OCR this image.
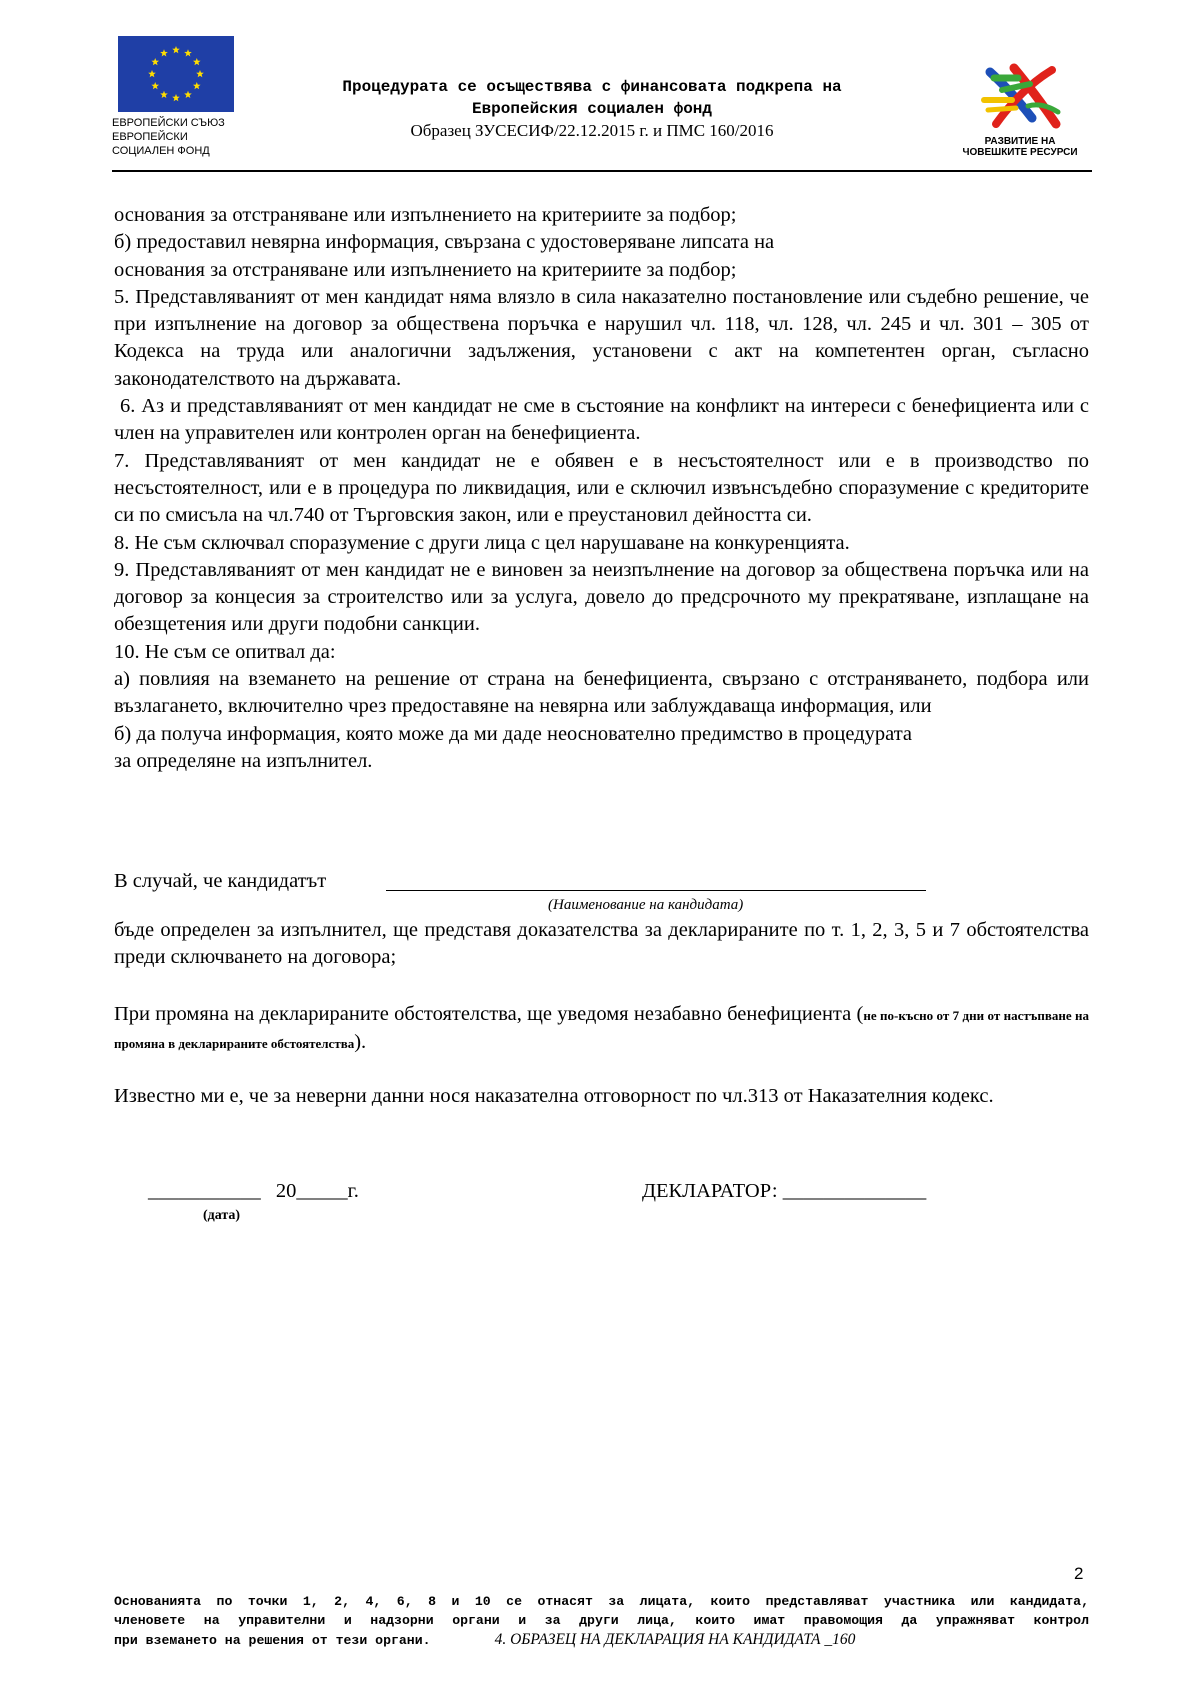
ЕВРОПЕЙСКИ СЪЮЗ
ЕВРОПЕЙСКИ
СОЦИАЛЕН ФОНД
Процедурата се осъществява с финансовата подкрепа на
Европейския социален фонд
Образец ЗУСЕСИФ/22.12.2015 г. и ПМС 160/2016
РАЗВИТИЕ НА
ЧОВЕШКИТЕ РЕСУРСИ

основания за отстраняване или изпълнението на критериите за подбор;

б) предоставил невярна информация, свързана с удостоверяване липсата на

основания за отстраняване или изпълнението на критериите за подбор;

5. Представляваният от мен кандидат няма влязло в сила наказателно постановление или съдебно решение, че при изпълнение на договор за обществена поръчка е нарушил чл. 118, чл. 128, чл. 245 и чл. 301 – 305 от Кодекса на труда или аналогични задължения, установени с акт на компетентен орган, съгласно законодателството на държавата.

6. Аз и представляваният от мен кандидат не сме в състояние на конфликт на интереси с бенефициента или с член на управителен или контролен орган на бенефициента.

7. Представляваният от мен кандидат не е обявен е в несъстоятелност или е в производство по несъстоятелност, или е в процедура по ликвидация, или е сключил извънсъдебно споразумение с кредиторите си по смисъла на чл.740 от Търговския закон, или е преустановил дейността си.

8. Не съм сключвал споразумение с други лица с цел нарушаване на конкуренцията.

9. Представляваният от мен кандидат не е виновен за неизпълнение на договор за обществена поръчка или на договор за концесия за строителство или за услуга, довело до предсрочното му прекратяване, изплащане на обезщетения или други подобни санкции.

10. Не съм се опитвал да:

а) повлияя на вземането на решение от страна на бенефициента, свързано с отстраняването, подбора или възлагането, включително чрез предоставяне на невярна или заблуждаваща информация, или

б) да получа информация, която може да ми даде неоснователно предимство в процедурата

за определяне на изпълнител.

В случай, че кандидатът
(Наименование на кандидата)
бъде определен за изпълнител, ще представя доказателства за декларираните по т. 1, 2, 3, 5 и 7 обстоятелства преди сключването на договора;
При промяна на декларираните обстоятелства, ще уведомя незабавно бенефициента (не по-късно от 7 дни от настъпване на промяна в декларираните обстоятелства).
Известно ми е, че за неверни данни нося наказателна отговорност по чл.313 от Наказателния кодекс.
___________ 20_____г.
(дата)
ДЕКЛАРАТОР: ______________
2

Основанията по точки 1, 2, 4, 6, 8 и 10 се отнасят за лицата, които представляват участника или кандидата,

членовете на управителни и надзорни органи и за други лица, които имат правомощия да упражняват контрол

при вземането на решения от тези органи.	4. ОБРАЗЕЦ НА ДЕКЛАРАЦИЯ НА КАНДИДАТА _160
